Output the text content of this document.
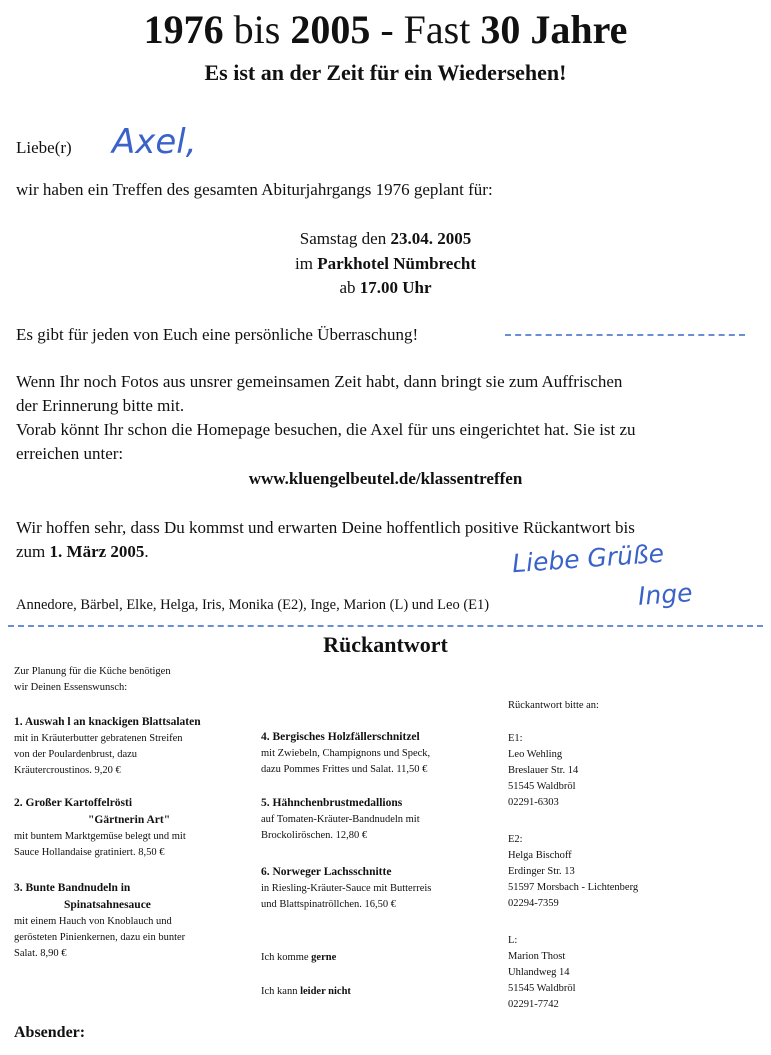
1976 bis 2005 - Fast 30 Jahre
Es ist an der Zeit für ein Wiedersehen!
Liebe(r) Axel,
wir haben ein Treffen des gesamten Abiturjahrgangs 1976 geplant für:
Samstag den 23.04. 2005
im Parkhotel Nümbrecht
ab 17.00 Uhr
Es gibt für jeden von Euch eine persönliche Überraschung!
Wenn Ihr noch Fotos aus unsrer gemeinsamen Zeit habt, dann bringt sie zum Auffrischen
der Erinnerung bitte mit.
Vorab könnt Ihr schon die Homepage besuchen, die Axel für uns eingerichtet hat. Sie ist zu
erreichen unter:
www.kluengelbeutel.de/klassentreffen
Wir hoffen sehr, dass Du kommst und erwarten Deine hoffentlich positive Rückantwort bis
zum 1. März 2005.	Liebe Grüße
Inge
Annedore, Bärbel, Elke, Helga, Iris, Monika (E2), Inge, Marion (L) und Leo (E1)
Rückantwort
Zur Planung für die Küche benötigen
wir Deinen Essenswunsch:
Rückantwort bitte an:
1. Auswah l an knackigen Blattsalaten
mit in Kräuterbutter gebratenen Streifen
von der Poulardenbrust, dazu
Kräutercroustinos. 9,20 €
2. Großer Kartoffelrösti
"Gärtnerin Art"
mit buntem Marktgemüse belegt und mit
Sauce Hollandaise gratiniert. 8,50 €
3. Bunte Bandnudeln in
Spinatsahnesauce
mit einem Hauch von Knoblauch und
gerösteten Pinienkernen, dazu ein bunter
Salat. 8,90 €
4. Bergisches Holzfällerschnitzel
mit Zwiebeln, Champignons und Speck,
dazu Pommes Frittes und Salat. 11,50 €
5. Hähnchenbrustmedallions
auf Tomaten-Kräuter-Bandnudeln mit
Brockoliröschen. 12,80 €
6. Norweger Lachsschnitte
in Riesling-Kräuter-Sauce mit Butterreis
und Blattspinatröllchen. 16,50 €
Ich komme gerne
Ich kann leider nicht
E1:
Leo Wehling
Breslauer Str. 14
51545 Waldbröl
02291-6303
E2:
Helga Bischoff
Erdinger Str. 13
51597 Morsbach - Lichtenberg
02294-7359
L:
Marion Thost
Uhlandweg 14
51545 Waldbröl
02291-7742
Absender:
